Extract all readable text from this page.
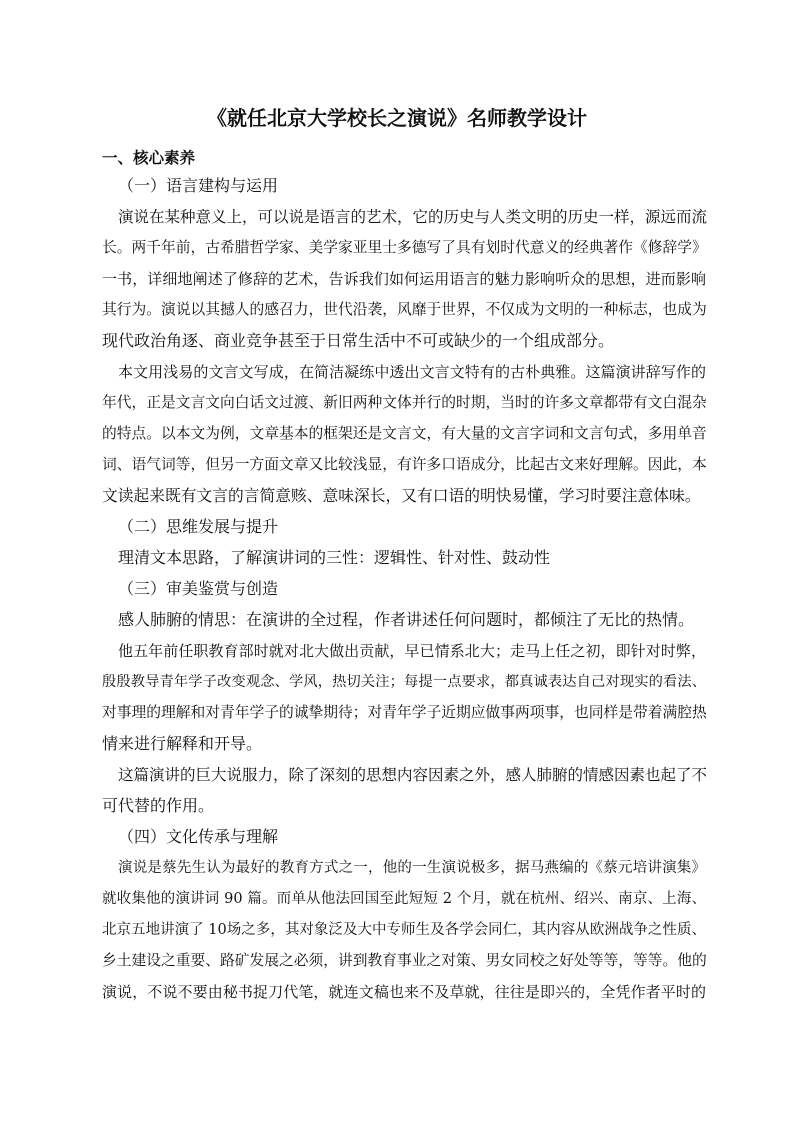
《就任北京大学校长之演说》名师教学设计
一、核心素养
（一）语言建构与运用
演说在某种意义上，可以说是语言的艺术，它的历史与人类文明的历史一样，源远而流
长。两千年前，古希腊哲学家、美学家亚里士多德写了具有划时代意义的经典著作《修辞学》
一书，详细地阐述了修辞的艺术，告诉我们如何运用语言的魅力影响听众的思想，进而影响
其行为。演说以其撼人的感召力，世代沿袭，风靡于世界，不仅成为文明的一种标志，也成为
现代政治角逐、商业竞争甚至于日常生活中不可或缺少的一个组成部分。
本文用浅易的文言文写成，在简洁凝练中透出文言文特有的古朴典雅。这篇演讲辞写作的
年代，正是文言文向白话文过渡、新旧两种文体并行的时期，当时的许多文章都带有文白混杂
的特点。以本文为例，文章基本的框架还是文言文，有大量的文言字词和文言句式，多用单音
词、语气词等，但另一方面文章又比较浅显，有许多口语成分，比起古文来好理解。因此，本
文读起来既有文言的言简意赅、意味深长，又有口语的明快易懂，学习时要注意体味。
（二）思维发展与提升
理清文本思路，了解演讲词的三性：逻辑性、针对性、鼓动性
（三）审美鉴赏与创造
感人肺腑的情思：在演讲的全过程，作者讲述任何问题时，都倾注了无比的热情。
他五年前任职教育部时就对北大做出贡献，早已情系北大；走马上任之初，即针对时弊，
殷殷教导青年学子改变观念、学风，热切关注；每提一点要求，都真诚表达自己对现实的看法、
对事理的理解和对青年学子的诚挚期待；对青年学子近期应做事两项事，也同样是带着满腔热
情来进行解释和开导。
这篇演讲的巨大说服力，除了深刻的思想内容因素之外，感人肺腑的情感因素也起了不
可代替的作用。
（四）文化传承与理解
演说是蔡先生认为最好的教育方式之一，他的一生演说极多，据马燕编的《蔡元培讲演集》
就收集他的演讲词 90 篇。而单从他法回国至此短短 2 个月，就在杭州、绍兴、南京、上海、
北京五地讲演了 10场之多，其对象泛及大中专师生及各学会同仁，其内容从欧洲战争之性质、
乡土建设之重要、路矿发展之必须，讲到教育事业之对策、男女同校之好处等等，等等。他的
演说，不说不要由秘书捉刀代笔，就连文稿也来不及草就，往往是即兴的，全凭作者平时的
